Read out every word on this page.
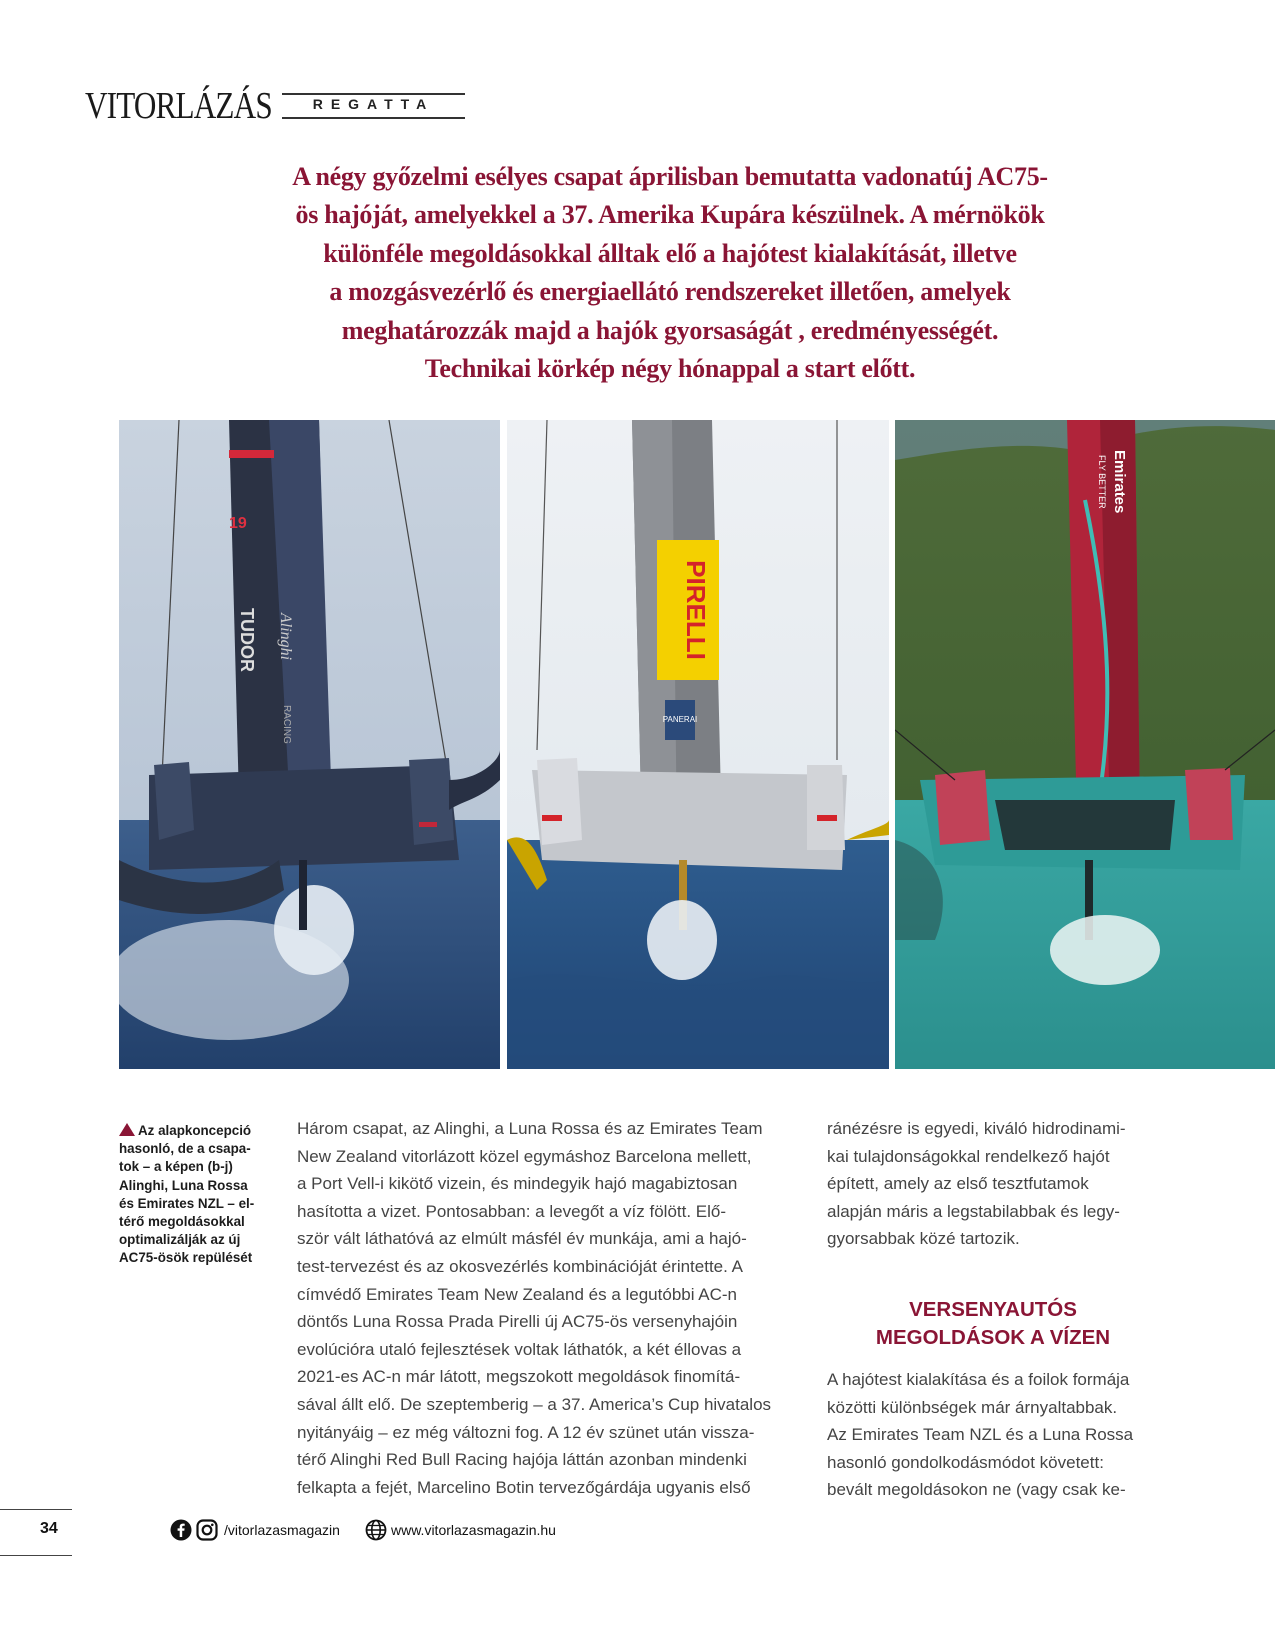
VITORLÁZÁS	REGATTA
A négy győzelmi esélyes csapat áprilisban bemutatta vadonatúj AC75-
ös hajóját, amelyekkel a 37. Amerika Kupára készülnek. A mérnökök
különféle megoldásokkal álltak elő a hajótest kialakítását, illetve
a mozgásvezérlő és energiaellátó rendszereket illetően, amelyek
meghatározzák majd a hajók gyorsaságát , eredményességét.
Technikai körkép négy hónappal a start előtt.
19
TUDOR Alinghi
RACING
PIRELLI
PANERAI
Emirates
FLY BETTER
Az alapkoncepció
hasonló, de a csapa-
tok – a képen (b-j)
Alinghi, Luna Rossa
és Emirates NZL – el-
térő megoldásokkal
optimalizálják az új
AC75-ösök repülését
Három csapat, az Alinghi, a Luna Rossa és az Emirates Team
New Zealand vitorlázott közel egymáshoz Barcelona mellett,
a Port Vell-i kikötő vizein, és mindegyik hajó magabiztosan
hasította a vizet. Pontosabban: a levegőt a víz fölött. Elő-
ször vált láthatóvá az elmúlt másfél év munkája, ami a hajó-
test-tervezést és az okosvezérlés kombinációját érintette. A
címvédő Emirates Team New Zealand és a legutóbbi AC-n
döntős Luna Rossa Prada Pirelli új AC75-ös versenyhajóin
evolúcióra utaló fejlesztések voltak láthatók, a két éllovas a
2021-es AC-n már látott, megszokott megoldások finomítá-
sával állt elő. De szeptemberig – a 37. America’s Cup hivatalos
nyitányáig – ez még változni fog. A 12 év szünet után vissza-
térő Alinghi Red Bull Racing hajója láttán azonban mindenki
felkapta a fejét, Marcelino Botin tervezőgárdája ugyanis első
ránézésre is egyedi, kiváló hidrodinami-
kai tulajdonságokkal rendelkező hajót
épített, amely az első tesztfutamok
alapján máris a legstabilabbak és legy-
gyorsabbak közé tartozik.
VERSENYAUTÓS
MEGOLDÁSOK A VÍZEN
A hajótest kialakítása és a foilok formája
közötti különbségek már árnyaltabbak.
Az Emirates Team NZL és a Luna Rossa
hasonló gondolkodásmódot követett:
bevált megoldásokon ne (vagy csak ke-
34	/vitorlazasmagazin	www.vitorlazasmagazin.hu
